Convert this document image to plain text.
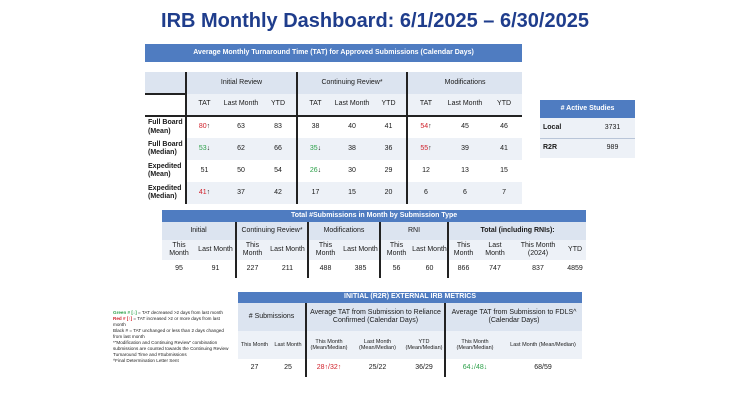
IRB Monthly Dashboard: 6/1/2025 – 6/30/2025
Average Monthly Turnaround Time (TAT) for Approved Submissions (Calendar Days)									

	Initial Review			Continuing Review*			Modifications		
	TAT	Last Month	YTD	TAT	Last Month	YTD	TAT	Last Month	YTD
Full Board (Mean)	80↑	63	83	38	40	41	54↑	45	46
Full Board (Median)	53↓	62	66	35↓	38	36	55↑	39	41
Expedited (Mean)	51	50	54	26↓	30	29	12	13	15
Expedited (Median)	41↑	37	42	17	15	20	6	6	7
# Active Studies	
Local	3731
R2R	989
Total #Submissions in Month by Submission Type											
Initial		Continuing Review*		Modifications		RNI		Total (including RNIs):			
This Month	Last Month	This Month	Last Month	This Month	Last Month	This Month	Last Month	This Month	Last Month	This Month (2024)	YTD
95	91	227	211	488	385	56	60	866	747	837	4859
Green # [↓] = TAT decreased >2 days from last month
Red # [↑] = TAT increased >2 or more days from last month
Black # = TAT unchanged or less than 2 days changed from last month
*"Modification and Continuing Review" combination submissions are counted towards the Continuing Review Turnaround Time and #Submissions
^Final Determination Letter Sent
INITIAL (R2R) EXTERNAL IRB METRICS						
# Submissions		Average TAT from Submission to Reliance Confirmed (Calendar Days)			Average TAT from Submission to FDLS^ (Calendar Days)	
This Month	Last Month	This Month (Mean/Median)	Last Month (Mean/Median)	YTD (Mean/Median)	This Month (Mean/Median)	Last Month (Mean/Median)
27	25	28↑/32↑	25/22	36/29	64↓/48↓	68/59
